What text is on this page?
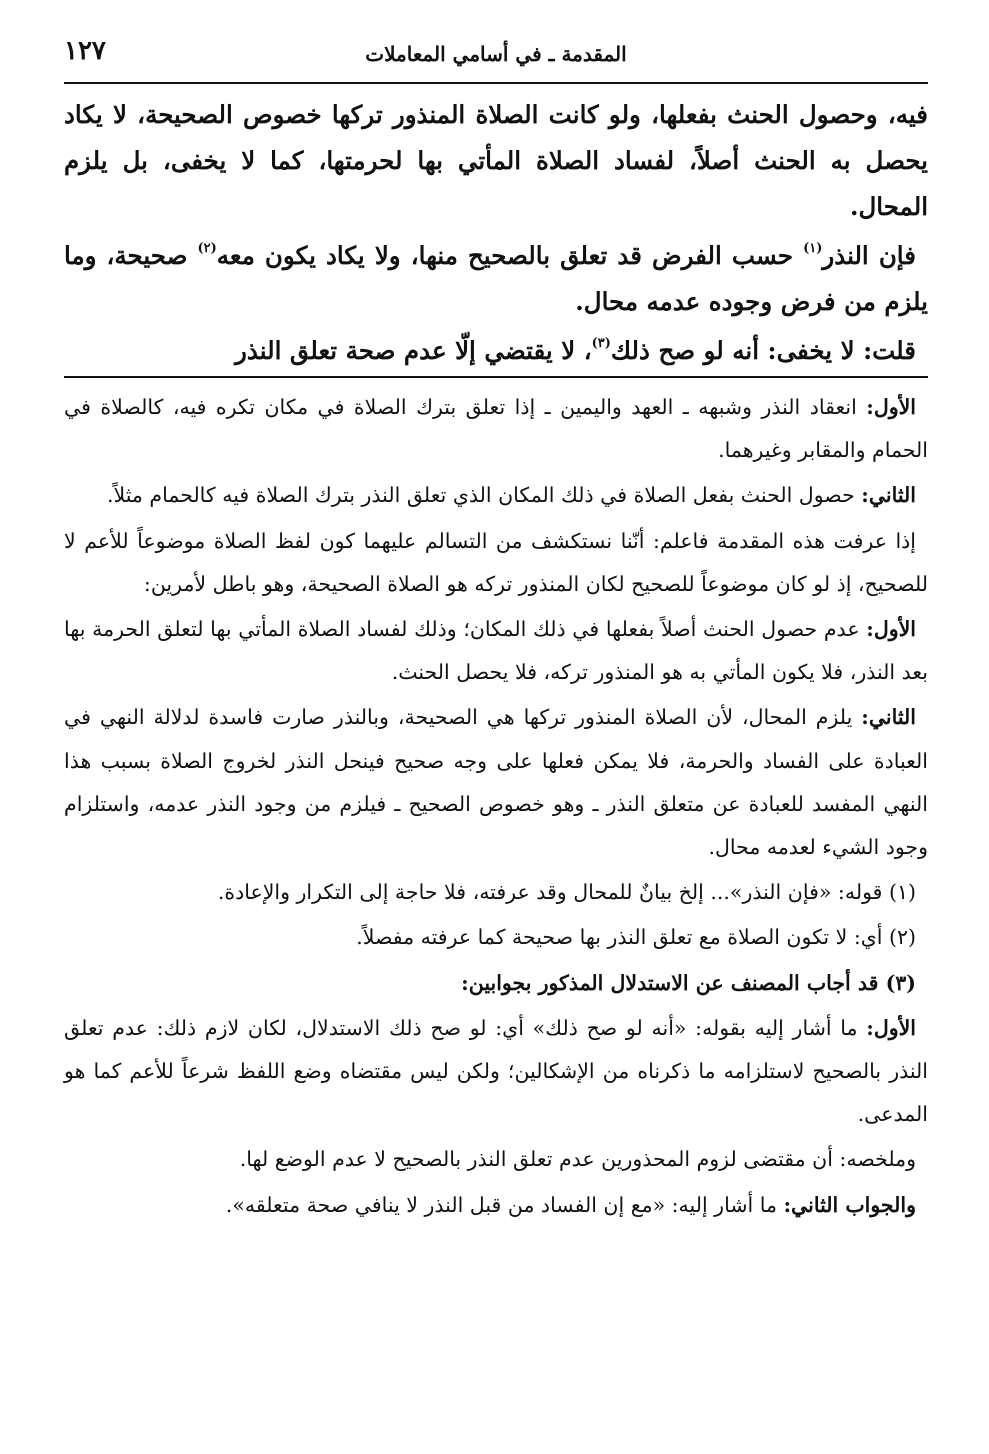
١٢٧	المقدمة ـ في أسامي المعاملات

فيه، وحصول الحنث بفعلها، ولو كانت الصلاة المنذور تركها خصوص الصحيحة، لا يكاد يحصل به الحنث أصلاً، لفساد الصلاة المأتي بها لحرمتها، كما لا يخفى، بل يلزم المحال.

فإن النذر$^{(١)}$ حسب الفرض قد تعلق بالصحيح منها، ولا يكاد يكون معه$^{(٢)}$ صحيحة، وما يلزم من فرض وجوده عدمه محال.

قلت: لا يخفى: أنه لو صح ذلك$^{(٣)}$، لا يقتضي إلّا عدم صحة تعلق النذر

الأول: انعقاد النذر وشبهه ـ العهد واليمين ـ إذا تعلق بترك الصلاة في مكان تكره فيه، كالصلاة في الحمام والمقابر وغيرهما.

الثاني: حصول الحنث بفعل الصلاة في ذلك المكان الذي تعلق النذر بترك الصلاة فيه كالحمام مثلاً.

إذا عرفت هذه المقدمة فاعلم: أنّنا نستكشف من التسالم عليهما كون لفظ الصلاة موضوعاً للأعم لا للصحيح، إذ لو كان موضوعاً للصحيح لكان المنذور تركه هو الصلاة الصحيحة، وهو باطل لأمرين:

الأول: عدم حصول الحنث أصلاً بفعلها في ذلك المكان؛ وذلك لفساد الصلاة المأتي بها لتعلق الحرمة بها بعد النذر، فلا يكون المأتي به هو المنذور تركه، فلا يحصل الحنث.

الثاني: يلزم المحال، لأن الصلاة المنذور تركها هي الصحيحة، وبالنذر صارت فاسدة لدلالة النهي في العبادة على الفساد والحرمة، فلا يمكن فعلها على وجه صحيح فينحل النذر لخروج الصلاة بسبب هذا النهي المفسد للعبادة عن متعلق النذر ـ وهو خصوص الصحيح ـ فيلزم من وجود النذر عدمه، واستلزام وجود الشيء لعدمه محال.

(١) قوله: «فإن النذر»... إلخ بيانٌ للمحال وقد عرفته، فلا حاجة إلى التكرار والإعادة.

(٢) أي: لا تكون الصلاة مع تعلق النذر بها صحيحة كما عرفته مفصلاً.

(٣) قد أجاب المصنف عن الاستدلال المذكور بجوابين:

الأول: ما أشار إليه بقوله: «أنه لو صح ذلك» أي: لو صح ذلك الاستدلال، لكان لازم ذلك: عدم تعلق النذر بالصحيح لاستلزامه ما ذكرناه من الإشكالين؛ ولكن ليس مقتضاه وضع اللفظ شرعاً للأعم كما هو المدعى.

وملخصه: أن مقتضى لزوم المحذورين عدم تعلق النذر بالصحيح لا عدم الوضع لها.

والجواب الثاني: ما أشار إليه: «مع إن الفساد من قبل النذر لا ينافي صحة متعلقه».
